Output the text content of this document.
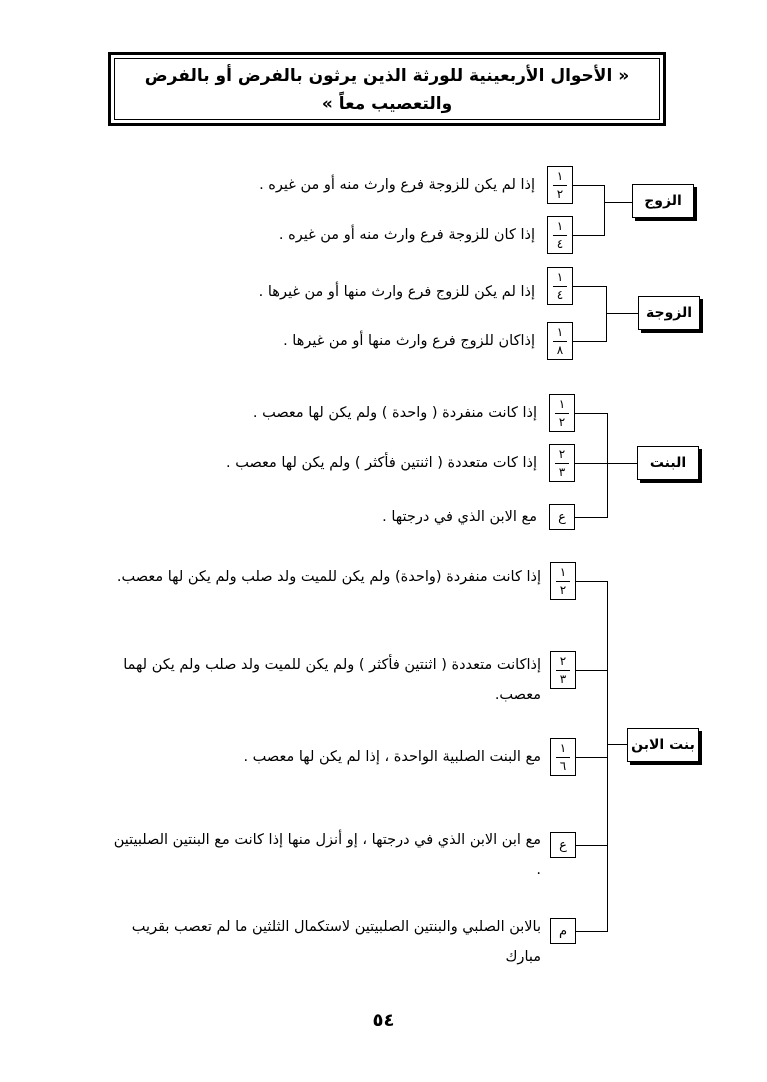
« الأحوال الأربعينية للورثة الذين يرثون بالفرض أو بالفرض والتعصيب معاً »
١
٢
إذا لم يكن للزوجة فرع وارث منه أو من غيره .
١
٤
إذا كان للزوجة فرع وارث منه أو من غيره .
الزوج
١
٤
إذا لم يكن للزوج فرع وارث منها أو من غيرها .
١
٨
إذاكان للزوج فرع وارث منها أو من غيرها .
الزوجة
١
٢
إذا كانت منفردة ( واحدة ) ولم يكن لها معصب .
٢
٣
إذا كات متعددة ( اثنتين فأكثر ) ولم يكن لها معصب .
ع
مع الابن الذي في درجتها .
البنت
١
٢
إذا كانت منفردة (واحدة) ولم يكن للميت ولد صلب ولم يكن لها معصب.
٢
٣
إذاكانت متعددة ( اثنتين فأكثر ) ولم يكن للميت ولد صلب ولم يكن لهما معصب.
١
٦
مع البنت الصلبية الواحدة ، إذا لم يكن لها معصب .
ع
مع ابن الابن الذي في درجتها ، إو أنزل منها إذا كانت مع البنتين الصلبيتين .
م
بالابن الصلبي والبنتين الصلبيتين لاستكمال الثلثين ما لم تعصب بقريب مبارك
بنت الابن
٥٤
